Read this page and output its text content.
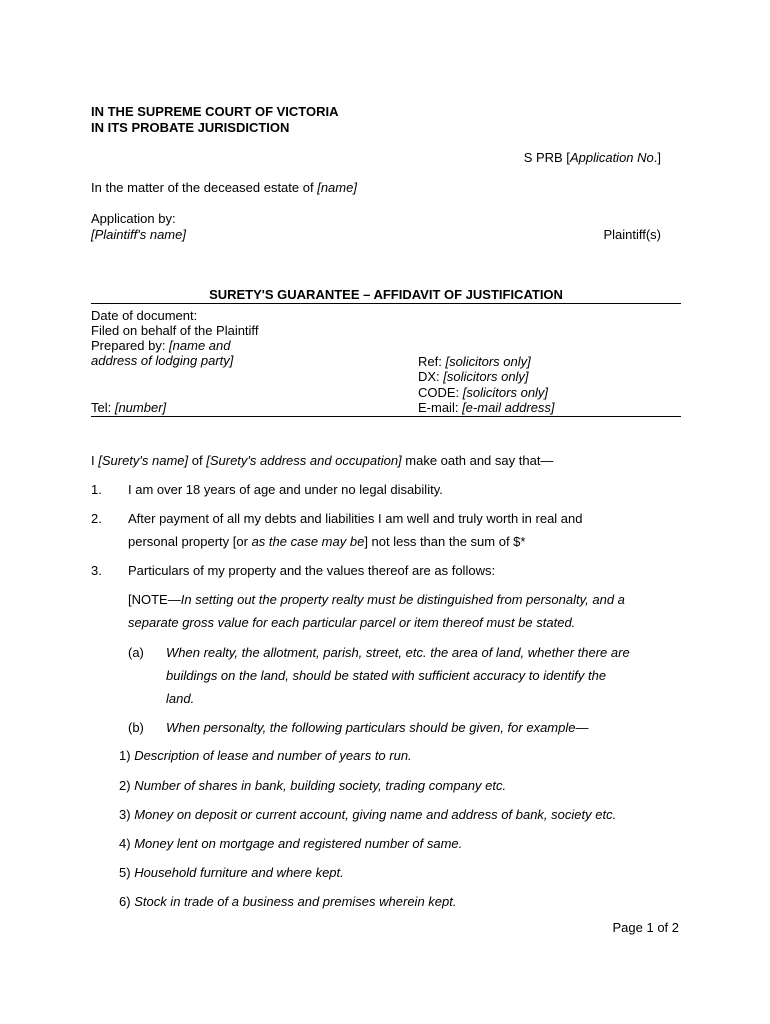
IN THE SUPREME COURT OF VICTORIA
IN ITS PROBATE JURISDICTION
S PRB [Application No.]
In the matter of the deceased estate of [name]
Application by:
[Plaintiff's name]	Plaintiff(s)
SURETY'S GUARANTEE – AFFIDAVIT OF JUSTIFICATION
Date of document:
Filed on behalf of the Plaintiff
Prepared by: [name and
address of lodging party]
Tel: [number]
Ref: [solicitors only]
DX: [solicitors only]
CODE: [solicitors only]
E-mail: [e-mail address]
I [Surety's name] of [Surety's address and occupation] make oath and say that—
1. I am over 18 years of age and under no legal disability.
2. After payment of all my debts and liabilities I am well and truly worth in real and
personal property [or as the case may be] not less than the sum of $*
3. Particulars of my property and the values thereof are as follows:
[NOTE—In setting out the property realty must be distinguished from personalty, and a
separate gross value for each particular parcel or item thereof must be stated.
(a) When realty, the allotment, parish, street, etc. the area of land, whether there are
buildings on the land, should be stated with sufficient accuracy to identify the
land.
(b) When personalty, the following particulars should be given, for example—
1) Description of lease and number of years to run.
2) Number of shares in bank, building society, trading company etc.
3) Money on deposit or current account, giving name and address of bank, society etc.
4) Money lent on mortgage and registered number of same.
5) Household furniture and where kept.
6) Stock in trade of a business and premises wherein kept.
Page 1 of 2
